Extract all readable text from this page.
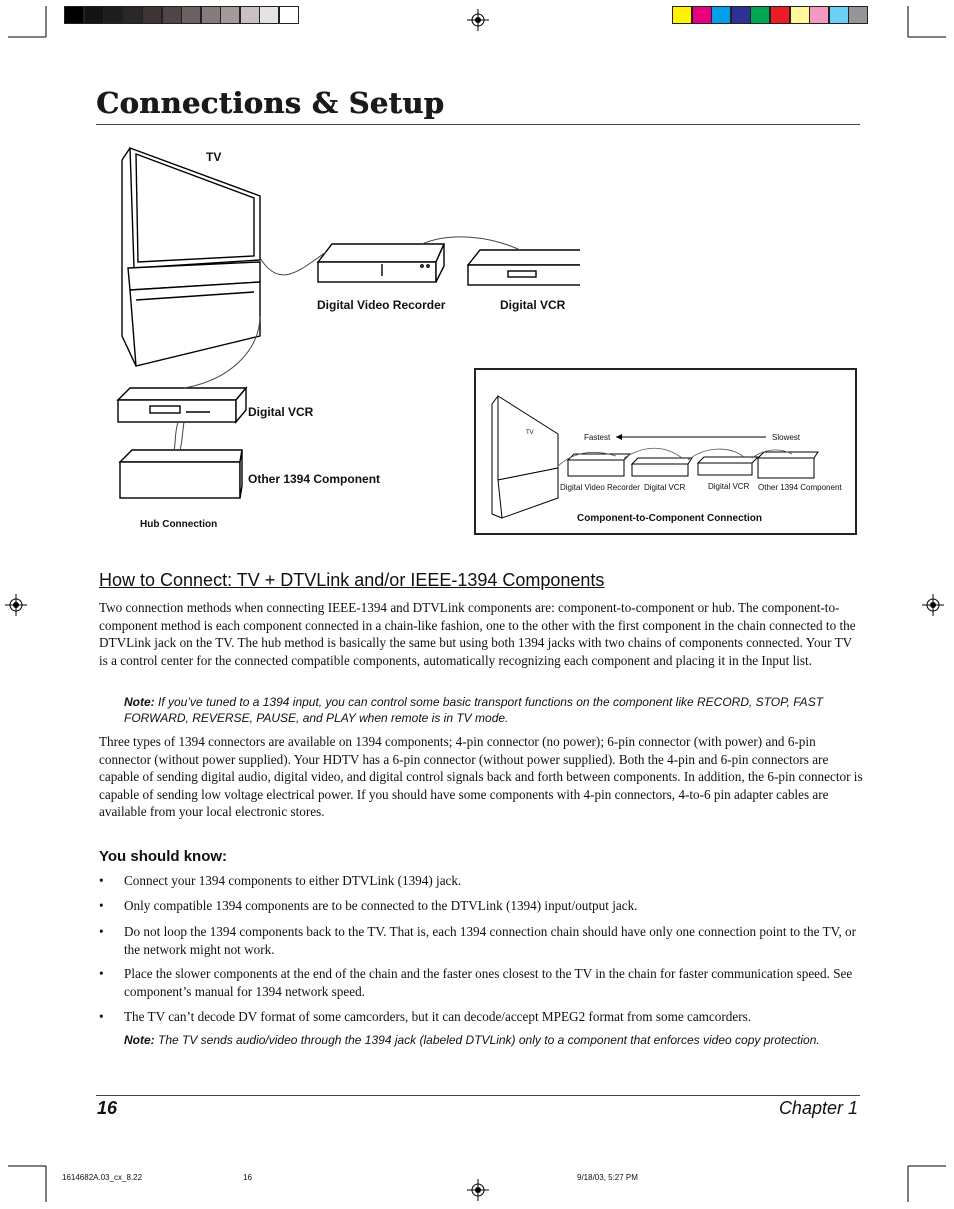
Connections & Setup
TV
Digital Video Recorder	Digital VCR
Digital VCR
Other 1394 Component
Hub Connection
TV	Fastest	Slowest
Digital Video Recorder Digital VCR	Digital VCR Other 1394 Component
Component-to-Component Connection
How to Connect: TV + DTVLink and/or IEEE-1394 Components

Two connection methods when connecting IEEE-1394 and DTVLink components are: component-to-component or hub. The component-to-component method is each component connected in a chain-like fashion, one to the other with the first component in the chain connected to the DTVLink jack on the TV. The hub method is basically the same but using both 1394 jacks with two chains of components connected. Your TV is a control center for the connected compatible components, automatically recognizing each component and placing it in the Input list.

Note: If you’ve tuned to a 1394 input, you can control some basic transport functions on the component like RECORD, STOP, FAST FORWARD, REVERSE, PAUSE, and PLAY when remote is in TV mode.

Three types of 1394 connectors are available on 1394 components; 4-pin connector (no power); 6-pin connector (with power) and 6-pin connector (without power supplied). Your HDTV has a 6-pin connector (without power supplied). Both the 4-pin and 6-pin connectors are capable of sending digital audio, digital video, and digital control signals back and forth between components. In addition, the 6-pin connector is capable of sending low voltage electrical power. If you should have some components with 4-pin connectors, 4-to-6 pin adapter cables are available from your local electronic stores.

You should know:
• Connect your 1394 components to either DTVLink (1394) jack.
• Only compatible 1394 components are to be connected to the DTVLink (1394) input/output jack.
• Do not loop the 1394 components back to the TV. That is, each 1394 connection chain should have only one connection point to the TV, or the network might not work.
• Place the slower components at the end of the chain and the faster ones closest to the TV in the chain for faster communication speed. See component’s manual for 1394 network speed.
• The TV can’t decode DV format of some camcorders, but it can decode/accept MPEG2 format from some camcorders.

Note: The TV sends audio/video through the 1394 jack (labeled DTVLink) only to a component that enforces video copy protection.

16	Chapter 1
1614682A.03_cx_8.22	16	9/18/03, 5:27 PM
